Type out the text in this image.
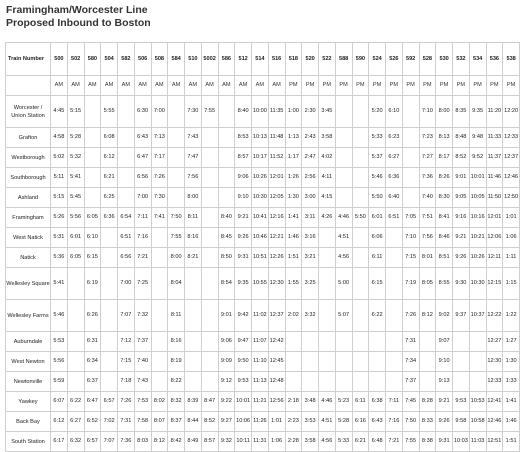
Framingham/Worcester Line
Proposed Inbound to Boston
Train Number	500	502	580	504	582	506	508	584	510	5002	586	512	514	516	518	520	522	588	590	524	526	592	528	530	532	534	536	538
	AM	AM	AM	AM	AM	AM	AM	AM	AM	AM	AM	AM	AM	AM	PM	PM	PM	PM	PM	PM	PM	PM	PM	PM	PM	PM	PM	PM
Worcester / Union Station	4:45	5:15		5:55		6:30	7:00		7:30	7:55		8:40	10:00	11:35	1:00	2:30	3:45			5:20	6:10		7:10	8:00	8:35	9:35	11:20	12:20
Grafton	4:58	5:28		6:08		6:43	7:13		7:43			8:53	10:13	11:48	1:13	2:43	3:58			5:33	6:23		7:23	8:13	8:48	9:48	11:33	12:33
Westborough	5:02	5:32		6:12		6:47	7:17		7:47			8:57	10:17	11:52	1:17	2:47	4:02			5:37	6:27		7:27	8:17	8:52	9:52	11:37	12:37
Southborough	5:11	5:41		6:21		6:56	7:26		7:56			9:06	10:26	12:01	1:26	2:56	4:11			5:46	6:36		7:36	8:26	9:01	10:01	11:46	12:46
Ashland	5:15	5:45		6:25		7:00	7:30		8:00			9:10	10:30	12:05	1:30	3:00	4:15			5:50	6:40		7:40	8:30	9:05	10:05	11:50	12:50
Framingham	5:26	5:56	6:05	6:36	6:54	7:11	7:41	7:50	8:11		8:40	9:21	10:41	12:16	1:41	3:11	4:26	4:46	5:50	6:01	6:51	7:05	7:51	8:41	9:16	10:16	12:01	1:01
West Natick	5:31	6:01	6:10		6:51	7:16		7:55	8:16		8:45	9:26	10:46	12:21	1:46	3:16		4:51		6:06		7:10	7:56	8:46	9:21	10:21	12:06	1:06
Natick	5:36	6:05	6:15		6:56	7:21		8:00	8:21		8:50	9:31	10:51	12:26	1:51	3:21		4:56		6:11		7:15	8:01	8:51	9:26	10:26	12:11	1:11
Wellesley Square	5:41		6:19		7:00	7:25		8:04			8:54	9:35	10:55	12:30	1:55	3:25		5:00		6:15		7:19	8:05	8:55	9:30	10:30	12:15	1:15
Wellesley Farms	5:46		6:26		7:07	7:32		8:11			9:01	9:42	11:02	12:37	2:02	3:32		5:07		6:22		7:26	8:12	9:02	9:37	10:37	12:22	1:22
Auburndale	5:53		6:31		7:12	7:37		8:16			9:06	9:47	11:07	12:42								7:31		9:07			12:27	1:27
West Newton	5:56		6:34		7:15	7:40		8:19			9:09	9:50	11:10	12:45								7:34		9:10			12:30	1:30
Newtonville	5:59		6:37		7:18	7:43		8:22			9:12	9:53	11:13	12:48								7:37		9:13			12:33	1:33
Yawkey	6:07	6:22	6:47	6:57	7:26	7:53	8:02	8:32	8:39	8:47	9:22	10:01	11:21	12:56	2:18	3:48	4:46	5:23	6:11	6:38	7:11	7:45	8:28	9:21	9:53	10:53	12:41	1:41
Back Bay	6:12	6:27	6:52	7:02	7:31	7:58	8:07	8:37	8:44	8:52	9:27	10:06	11:26	1:01	2:23	3:53	4:51	5:28	6:16	6:43	7:16	7:50	8:33	9:26	9:58	10:58	12:46	1:46
South Station	6:17	6:32	6:57	7:07	7:36	8:03	8:12	8:42	8:49	8:57	9:32	10:11	11:31	1:06	2:28	3:58	4:56	5:33	6:21	6:48	7:21	7:55	8:38	9:31	10:03	11:03	12:51	1:51
